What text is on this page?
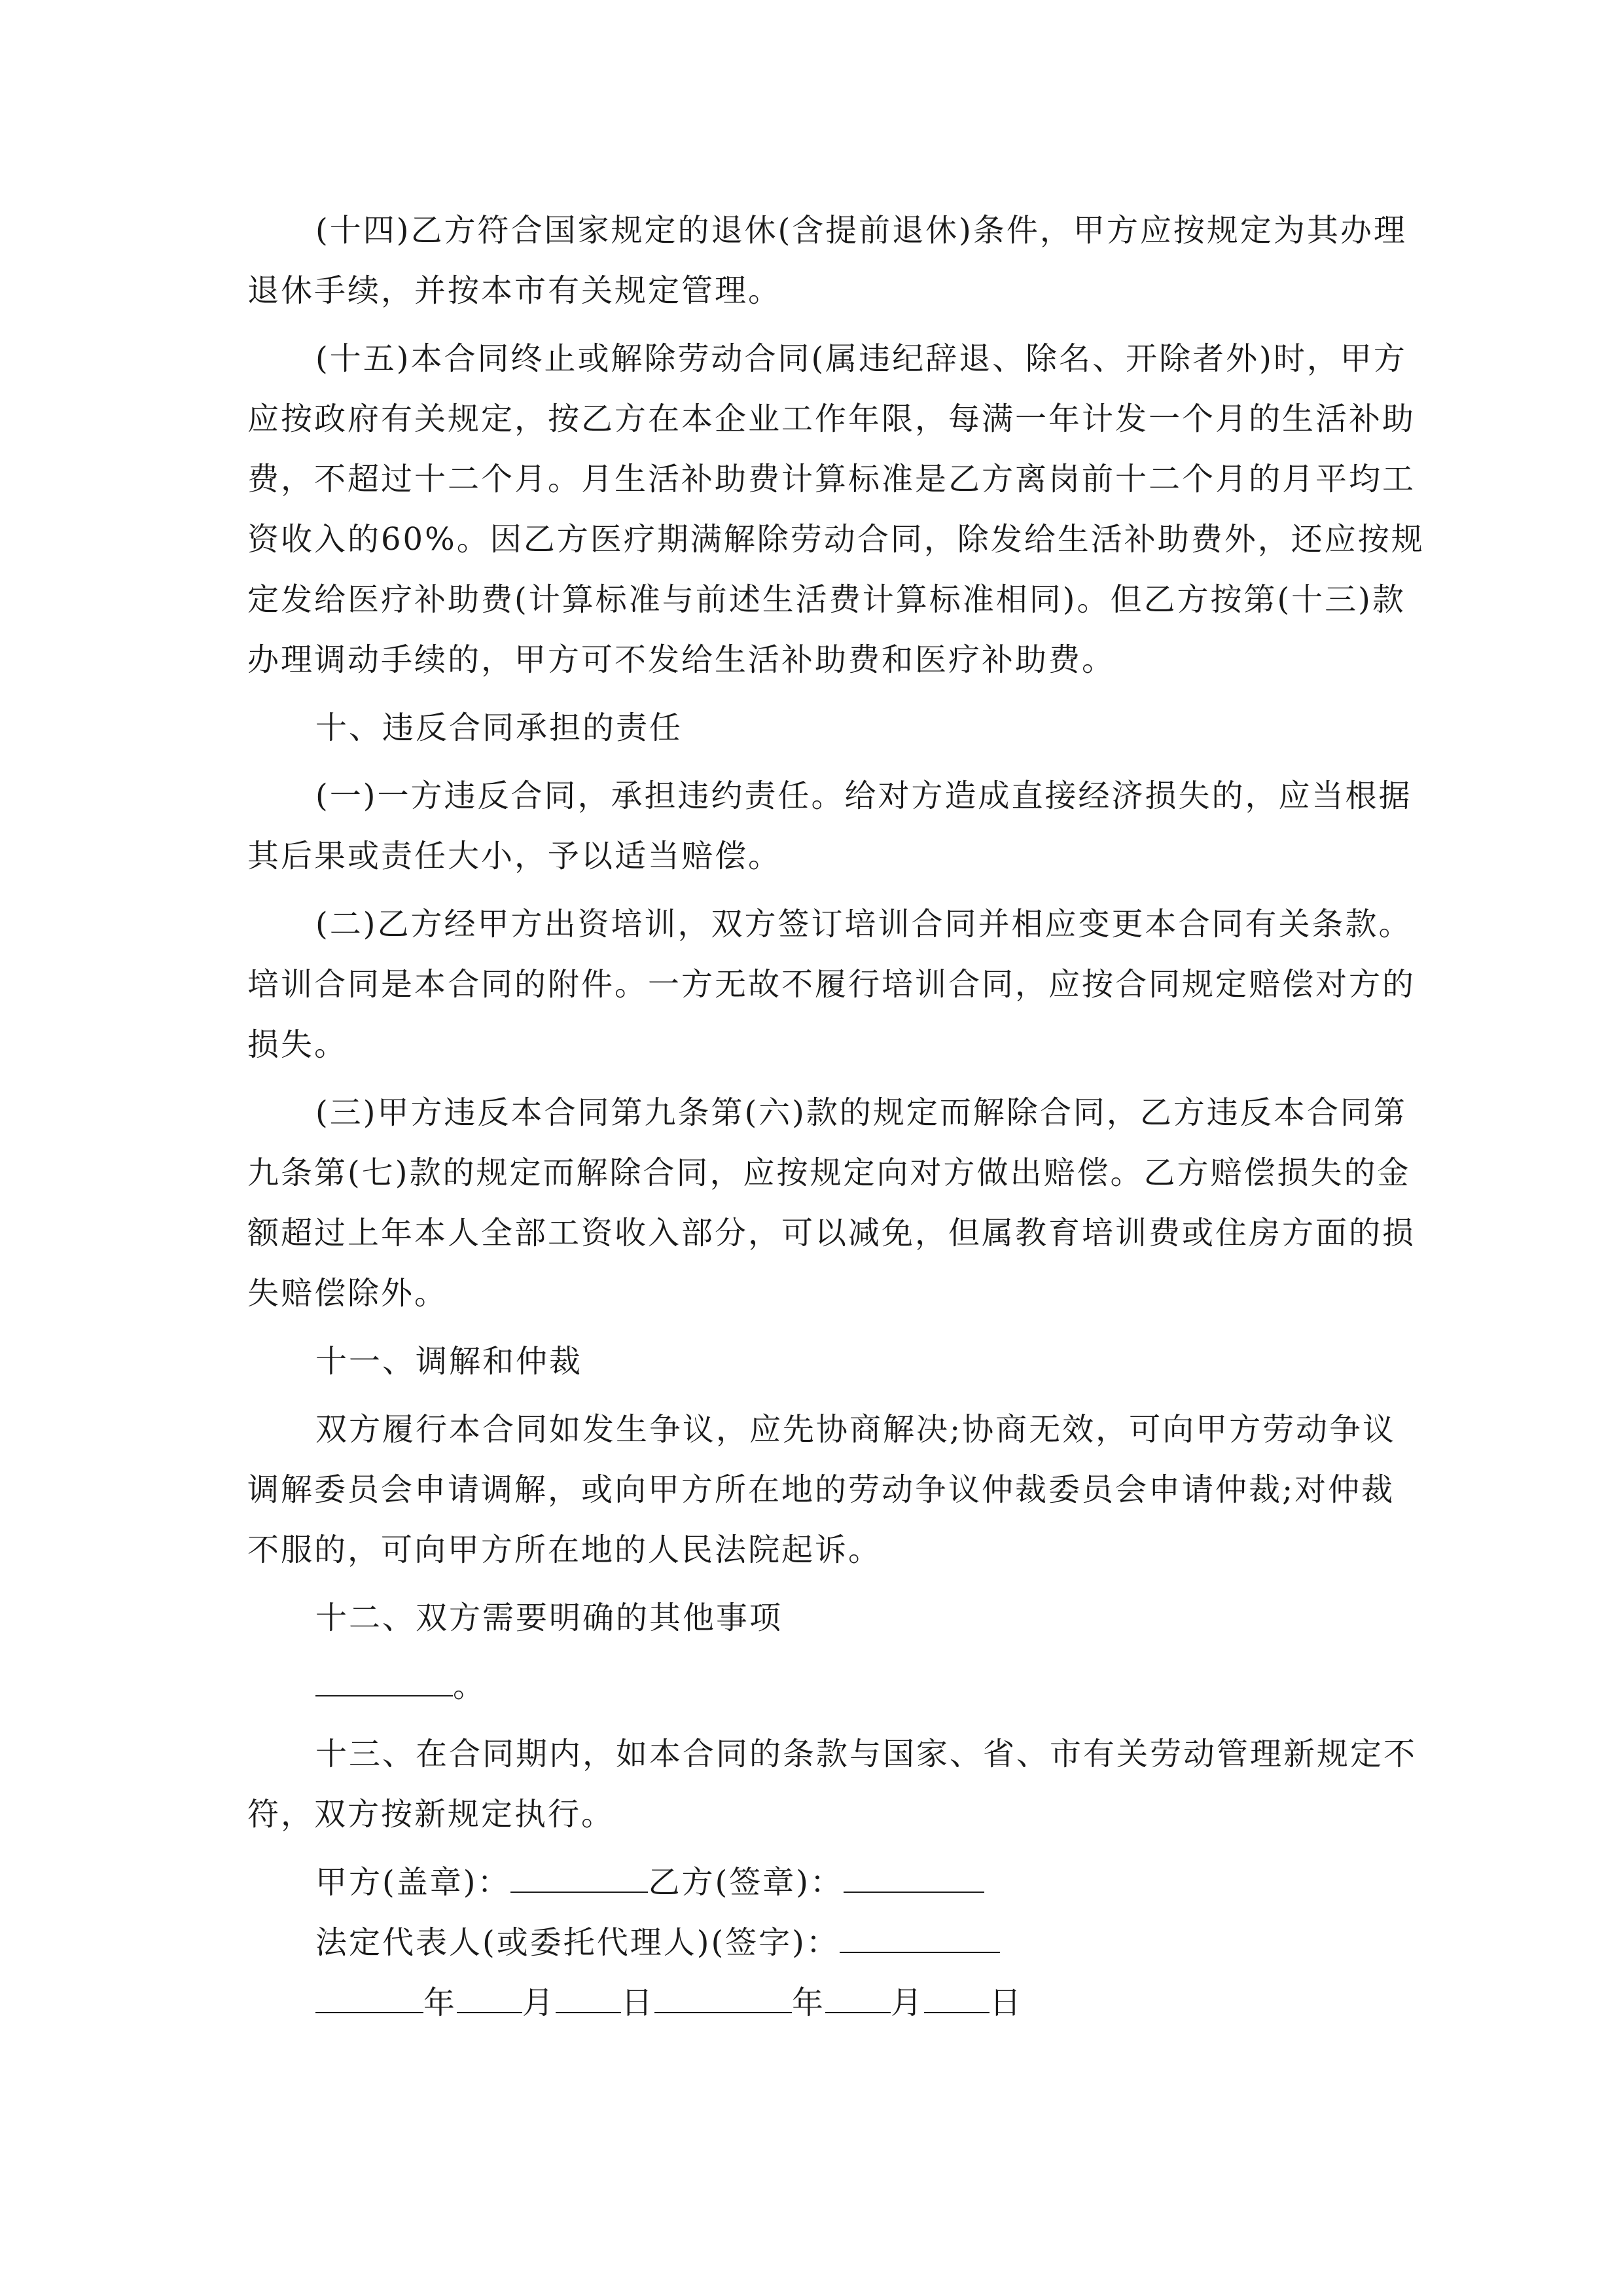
(十四)乙方符合国家规定的退休(含提前退休)条件，甲方应按规定为其办理
退休手续，并按本市有关规定管理。
(十五)本合同终止或解除劳动合同(属违纪辞退、除名、开除者外)时，甲方
应按政府有关规定，按乙方在本企业工作年限，每满一年计发一个月的生活补助
费，不超过十二个月。月生活补助费计算标准是乙方离岗前十二个月的月平均工
资收入的60%。因乙方医疗期满解除劳动合同，除发给生活补助费外，还应按规
定发给医疗补助费(计算标准与前述生活费计算标准相同)。但乙方按第(十三)款
办理调动手续的，甲方可不发给生活补助费和医疗补助费。
十、违反合同承担的责任
(一)一方违反合同，承担违约责任。给对方造成直接经济损失的，应当根据
其后果或责任大小，予以适当赔偿。
(二)乙方经甲方出资培训，双方签订培训合同并相应变更本合同有关条款。
培训合同是本合同的附件。一方无故不履行培训合同，应按合同规定赔偿对方的
损失。
(三)甲方违反本合同第九条第(六)款的规定而解除合同，乙方违反本合同第
九条第(七)款的规定而解除合同，应按规定向对方做出赔偿。乙方赔偿损失的金
额超过上年本人全部工资收入部分，可以减免，但属教育培训费或住房方面的损
失赔偿除外。
十一、调解和仲裁
双方履行本合同如发生争议，应先协商解决;协商无效，可向甲方劳动争议
调解委员会申请调解，或向甲方所在地的劳动争议仲裁委员会申请仲裁;对仲裁
不服的，可向甲方所在地的人民法院起诉。
十二、双方需要明确的其他事项
。
十三、在合同期内，如本合同的条款与国家、省、市有关劳动管理新规定不
符，双方按新规定执行。
甲方(盖章)：	乙方(签章)：
法定代表人(或委托代理人)(签字)：
年 月 日	年 月 日
